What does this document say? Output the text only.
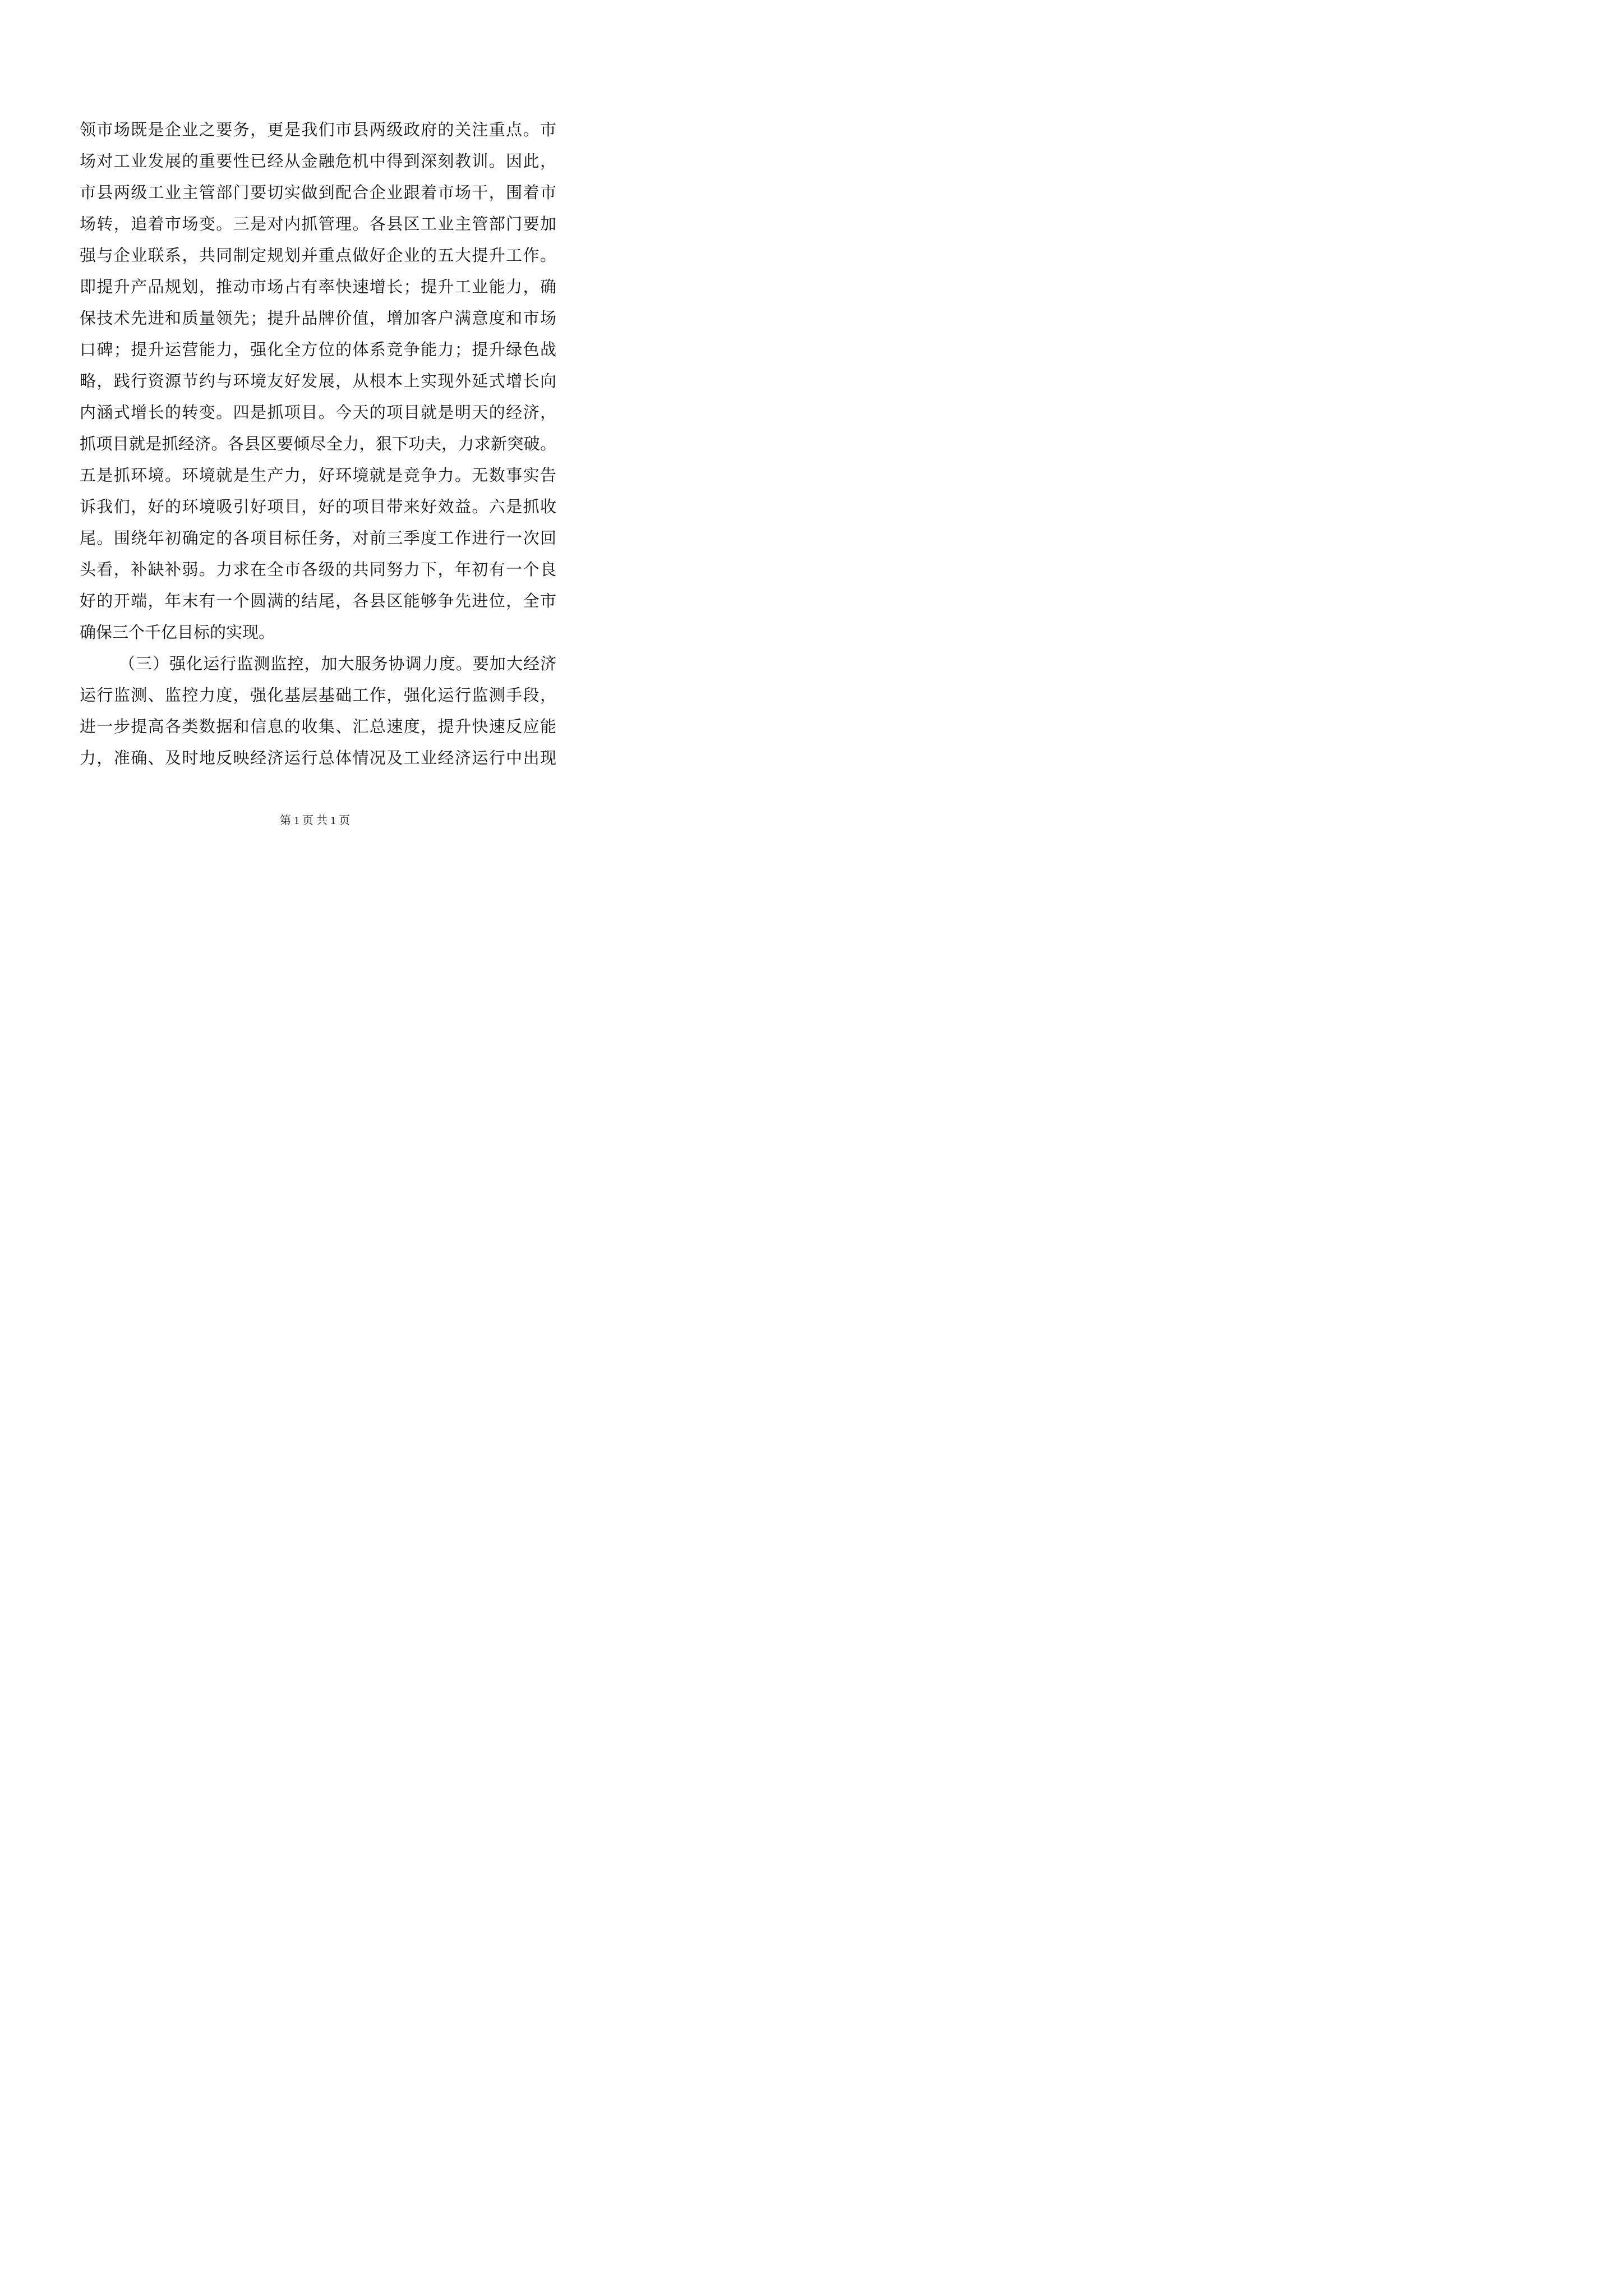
领市场既是企业之要务，更是我们市县两级政府的关注重点。市
场对工业发展的重要性已经从金融危机中得到深刻教训。因此，
市县两级工业主管部门要切实做到配合企业跟着市场干，围着市
场转，追着市场变。三是对内抓管理。各县区工业主管部门要加
强与企业联系，共同制定规划并重点做好企业的五大提升工作。
即提升产品规划，推动市场占有率快速增长；提升工业能力，确
保技术先进和质量领先；提升品牌价值，增加客户满意度和市场
口碑；提升运营能力，强化全方位的体系竞争能力；提升绿色战
略，践行资源节约与环境友好发展，从根本上实现外延式增长向
内涵式增长的转变。四是抓项目。今天的项目就是明天的经济，
抓项目就是抓经济。各县区要倾尽全力，狠下功夫，力求新突破。
五是抓环境。环境就是生产力，好环境就是竞争力。无数事实告
诉我们，好的环境吸引好项目，好的项目带来好效益。六是抓收
尾。围绕年初确定的各项目标任务，对前三季度工作进行一次回
头看，补缺补弱。力求在全市各级的共同努力下，年初有一个良
好的开端，年末有一个圆满的结尾，各县区能够争先进位，全市
确保三个千亿目标的实现。
（三）强化运行监测监控，加大服务协调力度。要加大经济
运行监测、监控力度，强化基层基础工作，强化运行监测手段，
进一步提高各类数据和信息的收集、汇总速度，提升快速反应能
力，准确、及时地反映经济运行总体情况及工业经济运行中出现
第 1 页 共 1 页
